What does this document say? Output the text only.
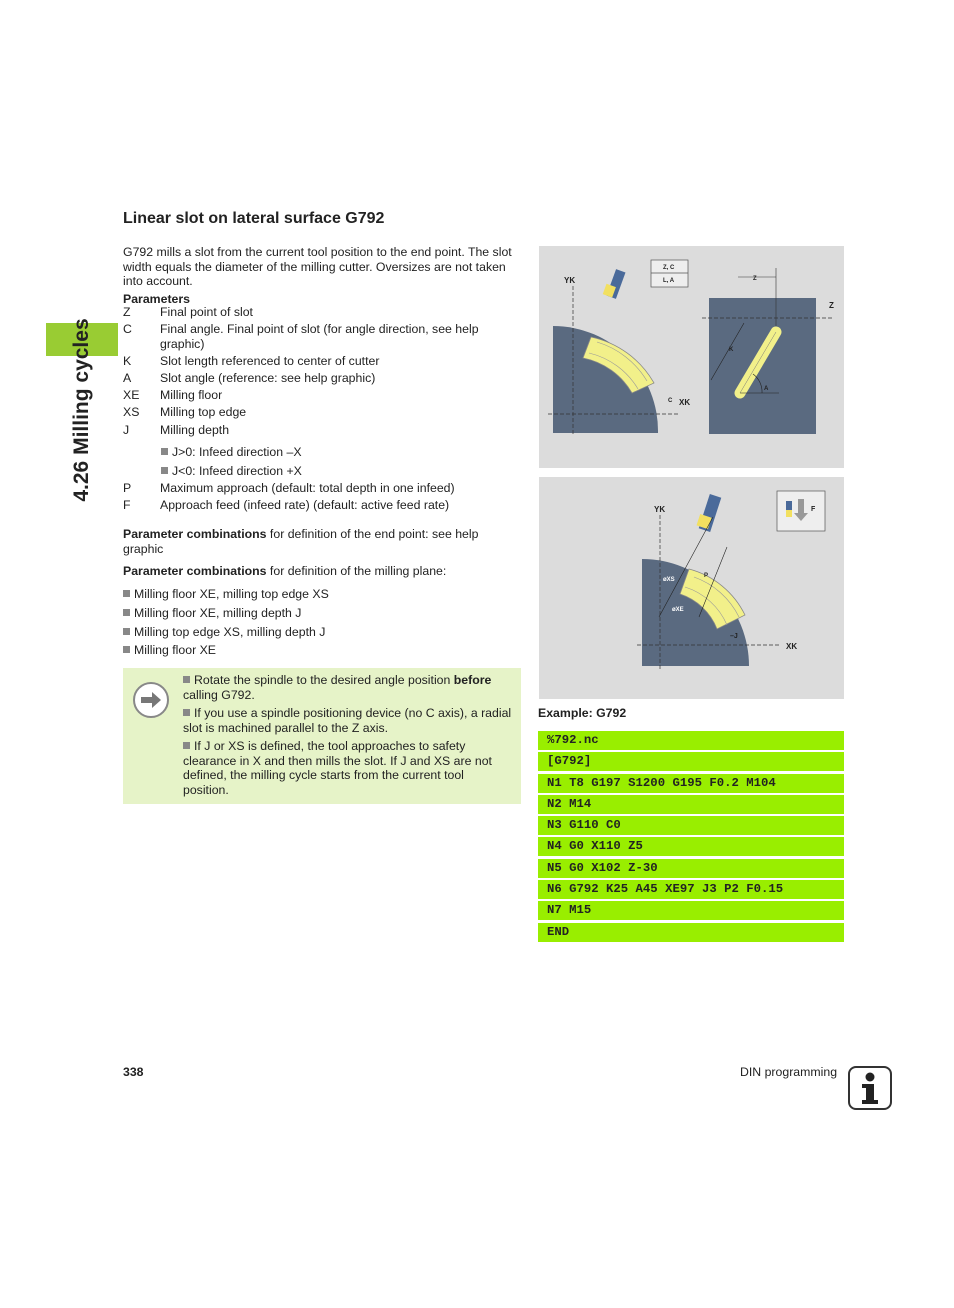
4.26 Milling cycles
Linear slot on lateral surface G792
G792 mills a slot from the current tool position to the end point. The slot width equals the diameter of the milling cutter. Oversizes are not taken into account.
Parameters
Z Final point of slot
C Final angle. Final point of slot (for angle direction, see help graphic)
K Slot length referenced to center of cutter
A Slot angle (reference: see help graphic)
XE Milling floor
XS Milling top edge
J	Milling depth
J>0: Infeed direction –X
J<0: Infeed direction +X
P Maximum approach (default: total depth in one infeed)
F Approach feed (infeed rate) (default: active feed rate)
Parameter combinations for definition of the end point: see help graphic
Parameter combinations for definition of the milling plane:
Milling floor XE, milling top edge XS
Milling floor XE, milling depth J
Milling top edge XS, milling depth J
Milling floor XE
Rotate the spindle to the desired angle position before calling G792.
If you use a spindle positioning device (no C axis), a radial slot is machined parallel to the Z axis.
If J or XS is defined, the tool approaches to safety clearance in X and then mills the slot. If J and XS are not defined, the milling cycle starts from the current tool position.
YK
XK
Z
Z
Z, C
L, A
C
K
A
YK
XK
F
øXS
øXE
P
–J
Example: G792
%792.nc
[G792]
N1 T8 G197 S1200 G195 F0.2 M104
N2 M14
N3 G110 C0
N4 G0 X110 Z5
N5 G0 X102 Z-30
N6 G792 K25 A45 XE97 J3 P2 F0.15
N7 M15
END
338	DIN programming
